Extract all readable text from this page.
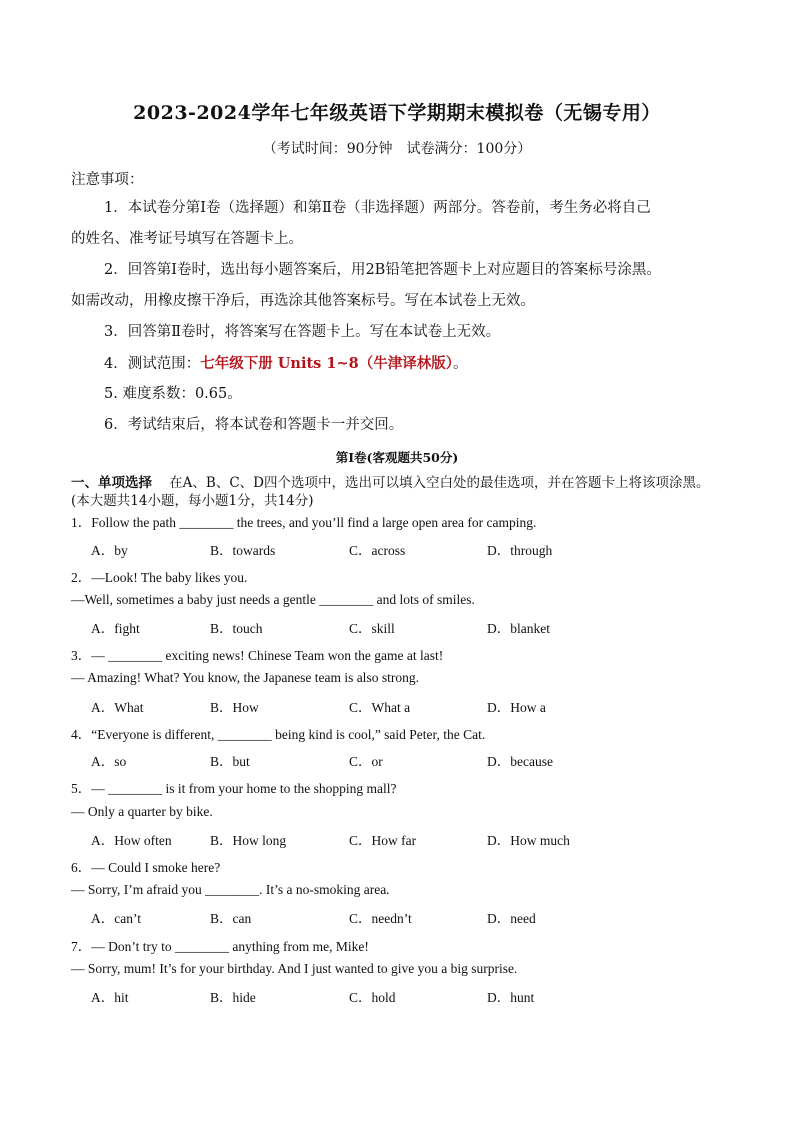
2023-2024学年七年级英语下学期期末模拟卷（无锡专用）
（考试时间：90分钟　试卷满分：100分）
注意事项：
1．本试卷分第Ⅰ卷（选择题）和第Ⅱ卷（非选择题）两部分。答卷前，考生务必将自己
的姓名、准考证号填写在答题卡上。
2．回答第Ⅰ卷时，选出每小题答案后，用2B铅笔把答题卡上对应题目的答案标号涂黑。
如需改动，用橡皮擦干净后，再选涂其他答案标号。写在本试卷上无效。
3．回答第Ⅱ卷时，将答案写在答题卡上。写在本试卷上无效。
4．测试范围：七年级下册 Units 1~8（牛津译林版）。
5. 难度系数：0.65。
6．考试结束后，将本试卷和答题卡一并交回。
第Ⅰ卷(客观题共50分)
一、单项选择 在A、B、C、D四个选项中，选出可以填入空白处的最佳选项，并在答题卡上将该项涂黑。
(本大题共14小题，每小题1分，共14分)
1．Follow the path ________ the trees, and you’ll find a large open area for camping.
A．by	B．towards	C．across	D．through
2．—Look! The baby likes you.
—Well, sometimes a baby just needs a gentle ________ and lots of smiles.
A．fight	B．touch	C．skill	D．blanket
3．— ________ exciting news! Chinese Team won the game at last!
— Amazing! What? You know, the Japanese team is also strong.
A．What	B．How	C．What a	D．How a
4．“Everyone is different, ________ being kind is cool,” said Peter, the Cat.
A．so	B．but	C．or	D．because
5．— ________ is it from your home to the shopping mall?
— Only a quarter by bike.
A．How often	B．How long	C．How far	D．How much
6．— Could I smoke here?
— Sorry, I’m afraid you ________. It’s a no-smoking area.
A．can’t	B．can	C．needn’t	D．need
7．— Don’t try to ________ anything from me, Mike!
— Sorry, mum! It’s for your birthday. And I just wanted to give you a big surprise.
A．hit	B．hide	C．hold	D．hunt
